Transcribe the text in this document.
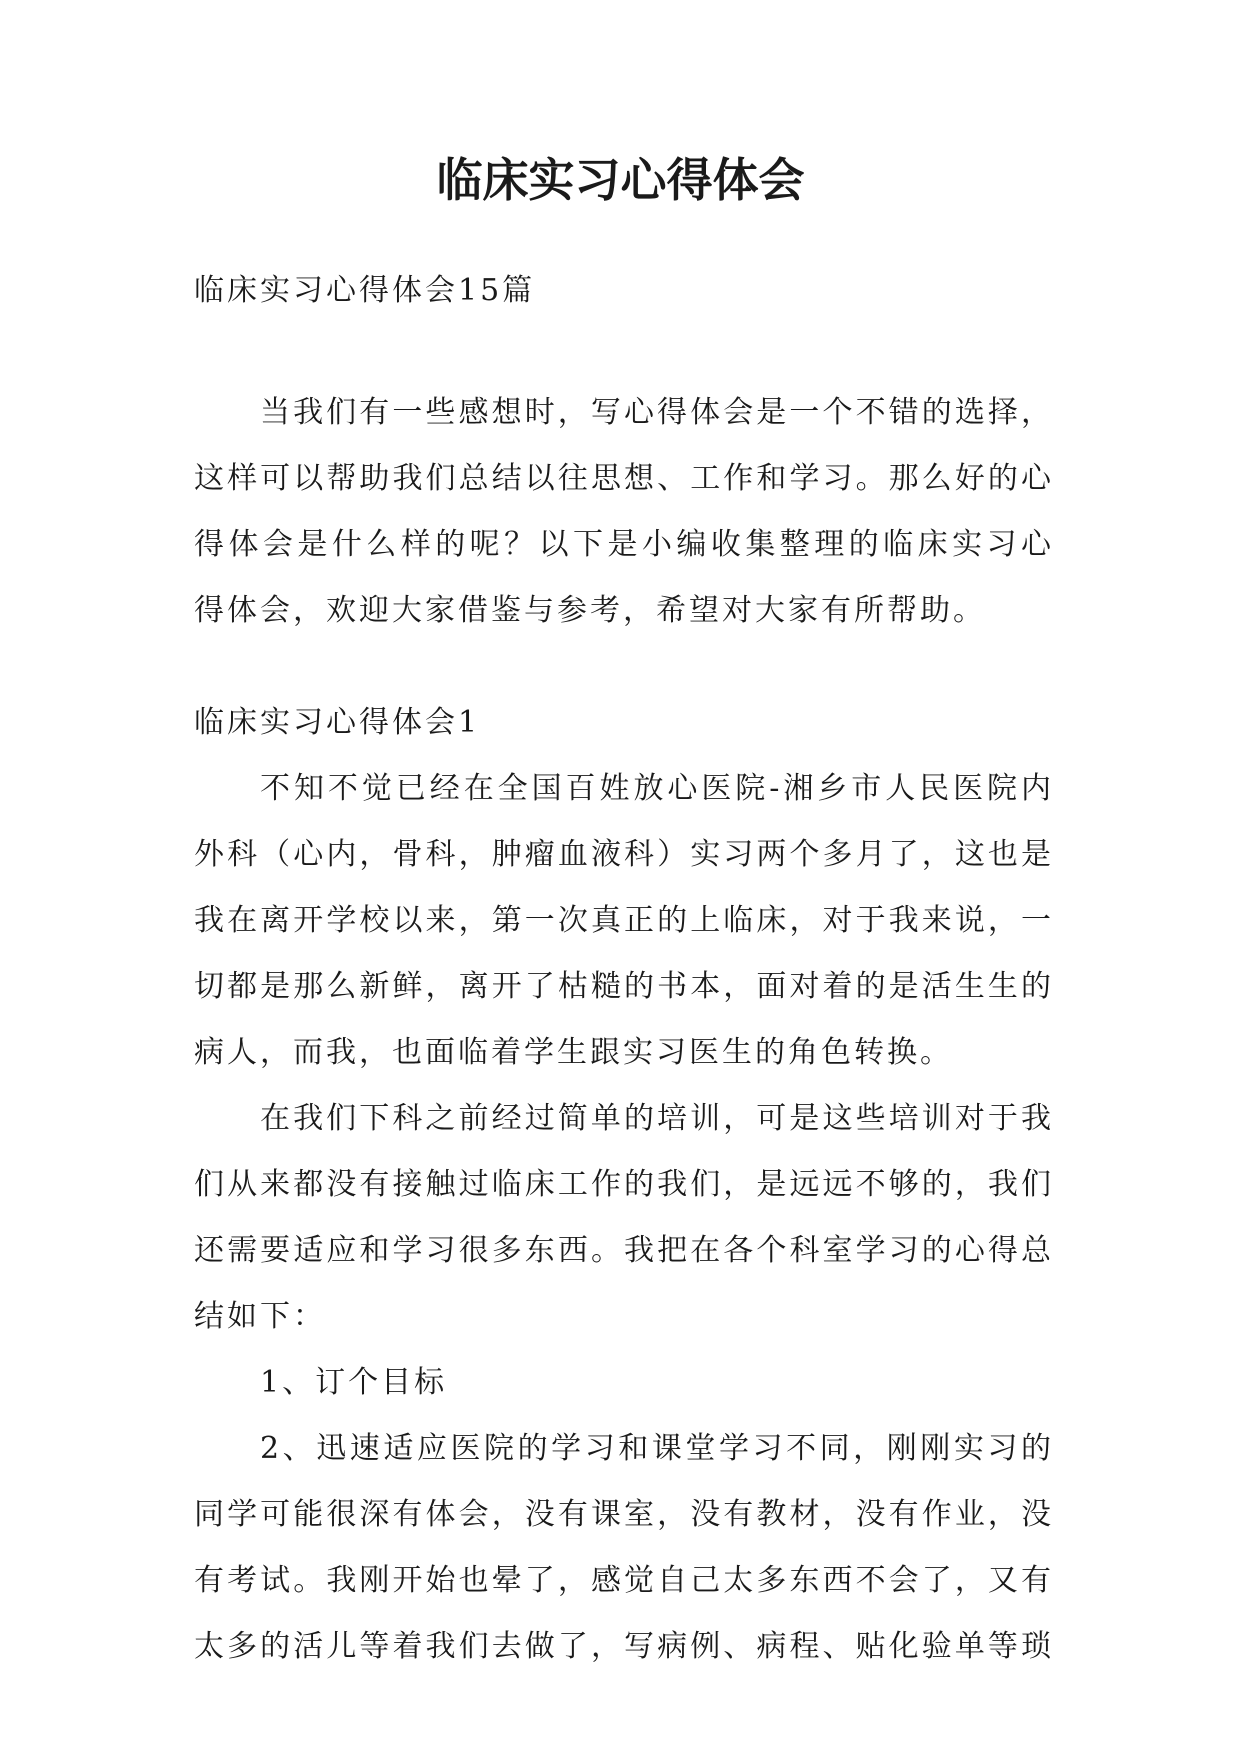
临床实习心得体会
临床实习心得体会15篇
当我们有一些感想时，写心得体会是一个不错的选择，
这样可以帮助我们总结以往思想、工作和学习。那么好的心
得体会是什么样的呢？以下是小编收集整理的临床实习心
得体会，欢迎大家借鉴与参考，希望对大家有所帮助。
临床实习心得体会1
不知不觉已经在全国百姓放心医院-湘乡市人民医院内
外科（心内，骨科，肿瘤血液科）实习两个多月了，这也是
我在离开学校以来，第一次真正的上临床，对于我来说，一
切都是那么新鲜，离开了枯糙的书本，面对着的是活生生的
病人，而我，也面临着学生跟实习医生的角色转换。
在我们下科之前经过简单的培训，可是这些培训对于我
们从来都没有接触过临床工作的我们，是远远不够的，我们
还需要适应和学习很多东西。我把在各个科室学习的心得总
结如下：
1、订个目标
2、迅速适应医院的学习和课堂学习不同，刚刚实习的
同学可能很深有体会，没有课室，没有教材，没有作业，没
有考试。我刚开始也晕了，感觉自己太多东西不会了，又有
太多的活儿等着我们去做了，写病例、病程、贴化验单等琐
